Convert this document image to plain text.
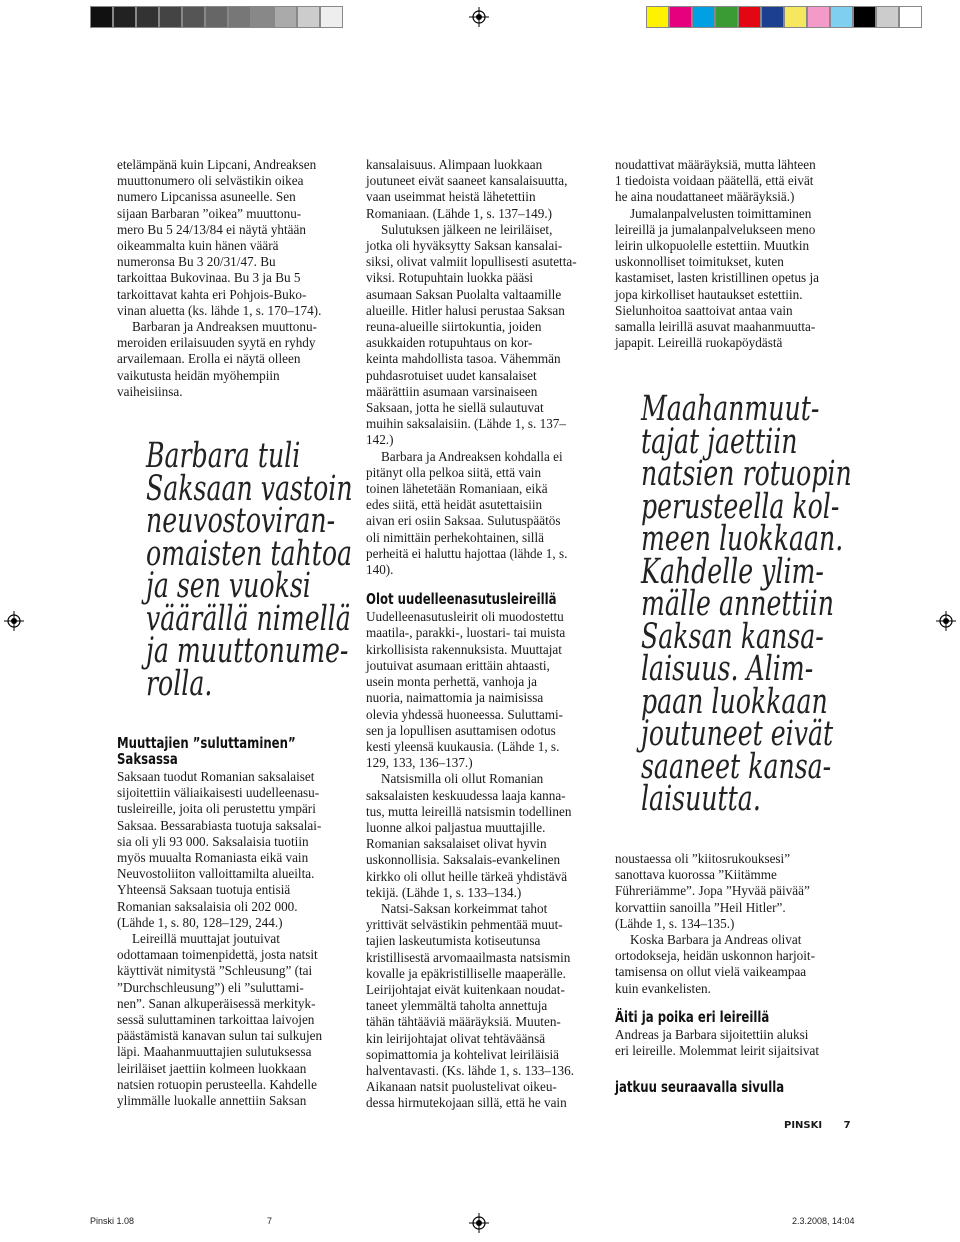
etelämpänä kuin Lipcani, Andreaksen
muuttonumero oli selvästikin oikea
numero Lipcanissa asuneelle. Sen
sijaan Barbaran ”oikea” muuttonu-
mero Bu 5 24/13/84 ei näytä yhtään
oikeammalta kuin hänen väärä
numeronsa Bu 3 20/31/47. Bu
tarkoittaa Bukovinaa. Bu 3 ja Bu 5
tarkoittavat kahta eri Pohjois-Buko-
vinan aluetta (ks. lähde 1, s. 170–174).
Barbaran ja Andreaksen muuttonu-
meroiden erilaisuuden syytä en ryhdy
arvailemaan. Erolla ei näytä olleen
vaikutusta heidän myöhempiin
vaiheisiinsa.
Barbara tuli
Saksaan vastoin
neuvostoviran-
omaisten tahtoa
ja sen vuoksi
väärällä nimellä
ja muuttonume-
rolla.
Muuttajien ”suluttaminen”
Saksassa
Saksaan tuodut Romanian saksalaiset
sijoitettiin väliaikaisesti uudelleenasu-
tusleireille, joita oli perustettu ympäri
Saksaa. Bessarabiasta tuotuja saksalai-
sia oli yli 93 000. Saksalaisia tuotiin
myös muualta Romaniasta eikä vain
Neuvostoliiton valloittamilta alueilta.
Yhteensä Saksaan tuotuja entisiä
Romanian saksalaisia oli 202 000.
(Lähde 1, s. 80, 128–129, 244.)
Leireillä muuttajat joutuivat
odottamaan toimenpidettä, josta natsit
käyttivät nimitystä ”Schleusung” (tai
”Durchschleusung”) eli ”suluttami-
nen”. Sanan alkuperäisessä merkityk-
sessä suluttaminen tarkoittaa laivojen
päästämistä kanavan sulun tai sulkujen
läpi. Maahanmuuttajien sulutuksessa
leiriläiset jaettiin kolmeen luokkaan
natsien rotuopin perusteella. Kahdelle
ylimmälle luokalle annettiin Saksan
kansalaisuus. Alimpaan luokkaan
joutuneet eivät saaneet kansalaisuutta,
vaan useimmat heistä lähetettiin
Romaniaan. (Lähde 1, s. 137–149.)
Sulutuksen jälkeen ne leiriläiset,
jotka oli hyväksytty Saksan kansalai-
siksi, olivat valmiit lopullisesti asutetta-
viksi. Rotupuhtain luokka pääsi
asumaan Saksan Puolalta valtaamille
alueille. Hitler halusi perustaa Saksan
reuna-alueille siirtokuntia, joiden
asukkaiden rotupuhtaus on kor-
keinta mahdollista tasoa. Vähemmän
puhdasrotuiset uudet kansalaiset
määrättiin asumaan varsinaiseen
Saksaan, jotta he siellä sulautuvat
muihin saksalaisiin. (Lähde 1, s. 137–
142.)
Barbara ja Andreaksen kohdalla ei
pitänyt olla pelkoa siitä, että vain
toinen lähetetään Romaniaan, eikä
edes siitä, että heidät asutettaisiin
aivan eri osiin Saksaa. Sulutuspäätös
oli nimittäin perhekohtainen, sillä
perheitä ei haluttu hajottaa (lähde 1, s.
140).
Olot uudelleenasutusleireillä
Uudelleenasutusleirit oli muodostettu
maatila-, parakki-, luostari- tai muista
kirkollisista rakennuksista. Muuttajat
joutuivat asumaan erittäin ahtaasti,
usein monta perhettä, vanhoja ja
nuoria, naimattomia ja naimisissa
olevia yhdessä huoneessa. Suluttami-
sen ja lopullisen asuttamisen odotus
kesti yleensä kuukausia. (Lähde 1, s.
129, 133, 136–137.)
Natsismilla oli ollut Romanian
saksalaisten keskuudessa laaja kanna-
tus, mutta leireillä natsismin todellinen
luonne alkoi paljastua muuttajille.
Romanian saksalaiset olivat hyvin
uskonnollisia. Saksalais-evankelinen
kirkko oli ollut heille tärkeä yhdistävä
tekijä. (Lähde 1, s. 133–134.)
Natsi-Saksan korkeimmat tahot
yrittivät selvästikin pehmentää muut-
tajien laskeutumista kotiseutunsa
kristillisestä arvomaailmasta natsismin
kovalle ja epäkristilliselle maaperälle.
Leirijohtajat eivät kuitenkaan noudat-
taneet ylemmältä taholta annettuja
tähän tähtääviä määräyksiä. Muuten-
kin leirijohtajat olivat tehtäväänsä
sopimattomia ja kohtelivat leiriläisiä
halventavasti. (Ks. lähde 1, s. 133–136.
Aikanaan natsit puolustelivat oikeu-
dessa hirmutekojaan sillä, että he vain
noudattivat määräyksiä, mutta lähteen
1 tiedoista voidaan päätellä, että eivät
he aina noudattaneet määräyksiä.)
Jumalanpalvelusten toimittaminen
leireillä ja jumalanpalvelukseen meno
leirin ulkopuolelle estettiin. Muutkin
uskonnolliset toimitukset, kuten
kastamiset, lasten kristillinen opetus ja
jopa kirkolliset hautaukset estettiin.
Sielunhoitoa saattoivat antaa vain
samalla leirillä asuvat maahanmuutta-
japapit. Leireillä ruokapöydästä
Maahanmuut-
tajat jaettiin
natsien rotuopin
perusteella kol-
meen luokkaan.
Kahdelle ylim-
mälle annettiin
Saksan kansa-
laisuus. Alim-
paan luokkaan
joutuneet eivät
saaneet kansa-
laisuutta.
noustaessa oli ”kiitosrukouksesi”
sanottava kuorossa ”Kiitämme
Führeriämme”. Jopa ”Hyvää päivää”
korvattiin sanoilla ”Heil Hitler”.
(Lähde 1, s. 134–135.)
Koska Barbara ja Andreas olivat
ortodokseja, heidän uskonnon harjoit-
tamisensa on ollut vielä vaikeampaa
kuin evankelisten.
Äiti ja poika eri leireillä
Andreas ja Barbara sijoitettiin aluksi
eri leireille. Molemmat leirit sijaitsivat
jatkuu seuraavalla sivulla
PINSKI 7
Pinski 1.08	7	2.3.2008, 14:04
